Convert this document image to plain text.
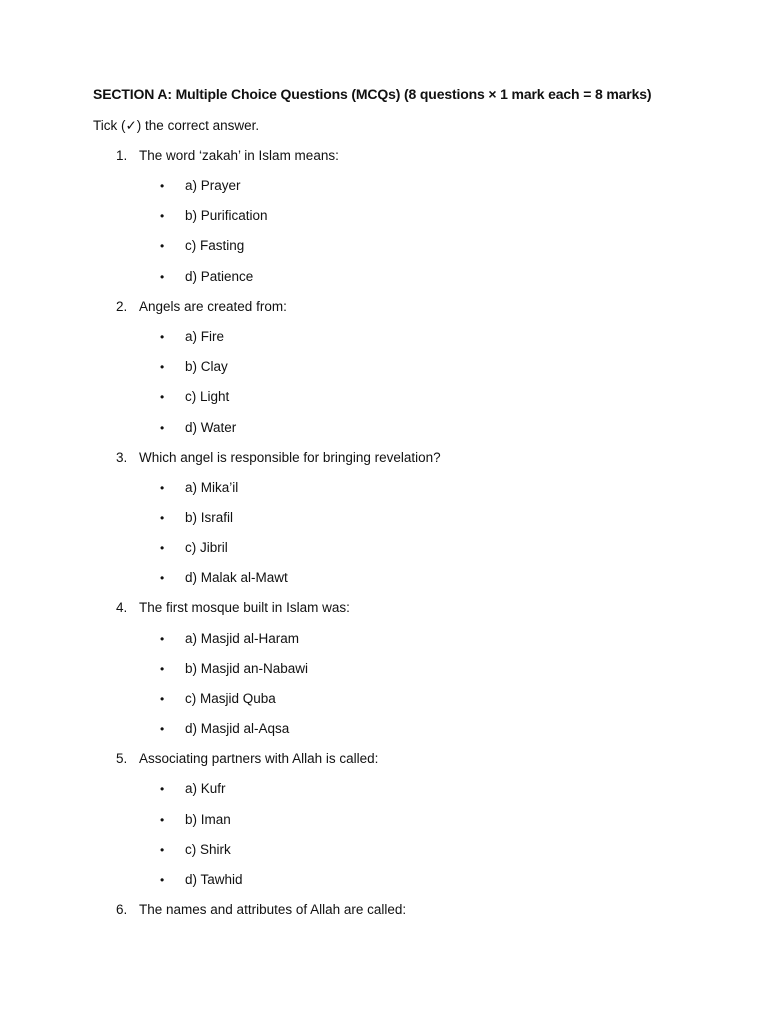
SECTION A: Multiple Choice Questions (MCQs) (8 questions × 1 mark each = 8 marks)
Tick (✓) the correct answer.
1. The word ‘zakah’ in Islam means:
• a) Prayer
• b) Purification
• c) Fasting
• d) Patience
2. Angels are created from:
• a) Fire
• b) Clay
• c) Light
• d) Water
3. Which angel is responsible for bringing revelation?
• a) Mika’il
• b) Israfil
• c) Jibril
• d) Malak al-Mawt
4. The first mosque built in Islam was:
• a) Masjid al-Haram
• b) Masjid an-Nabawi
• c) Masjid Quba
• d) Masjid al-Aqsa
5. Associating partners with Allah is called:
• a) Kufr
• b) Iman
• c) Shirk
• d) Tawhid
6. The names and attributes of Allah are called:
